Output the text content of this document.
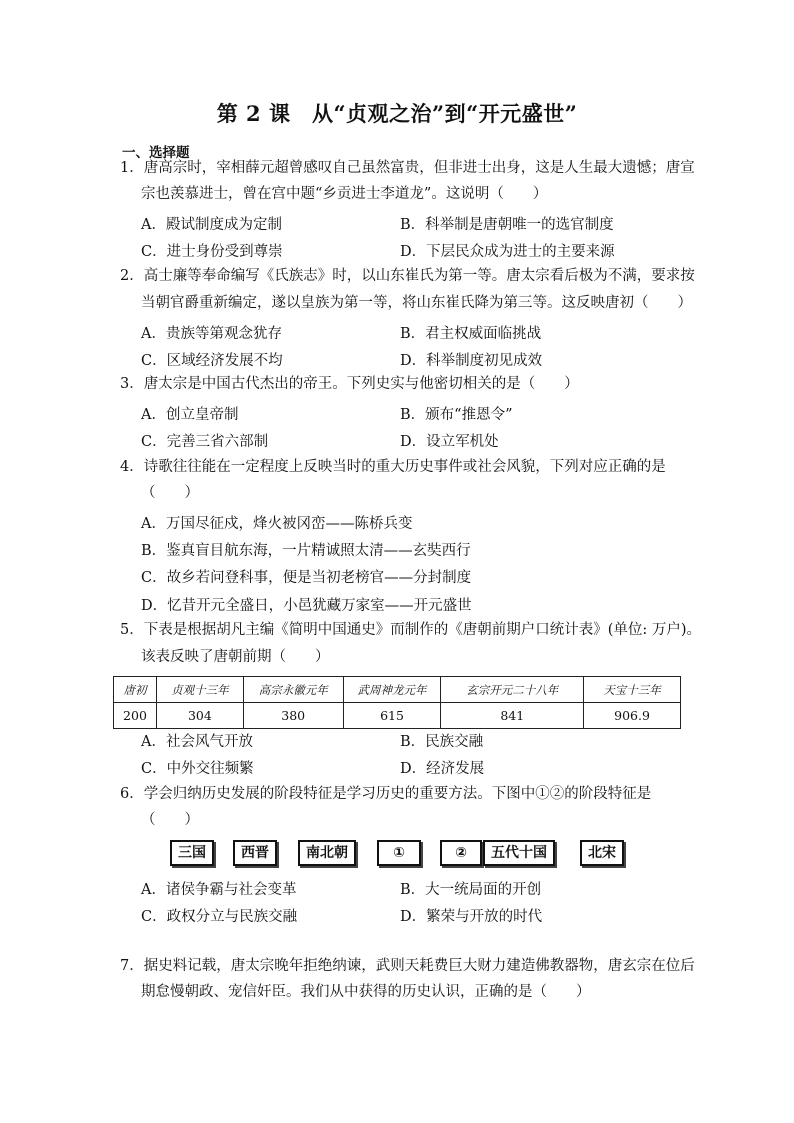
第 2 课　从“贞观之治”到“开元盛世”
一、选择题
1．唐高宗时，宰相薛元超曾感叹自己虽然富贵，但非进士出身，这是人生最大遗憾；唐宣
宗也羡慕进士，曾在宫中题“乡贡进士李道龙”。这说明（　　）
A．殿试制度成为定制	B．科举制是唐朝唯一的选官制度
C．进士身份受到尊崇	D．下层民众成为进士的主要来源
2．高士廉等奉命编写《氏族志》时，以山东崔氏为第一等。唐太宗看后极为不满，要求按
当朝官爵重新编定，遂以皇族为第一等，将山东崔氏降为第三等。这反映唐初（　　）
A．贵族等第观念犹存	B．君主权威面临挑战
C．区域经济发展不均	D．科举制度初见成效
3．唐太宗是中国古代杰出的帝王。下列史实与他密切相关的是（　　）
A．创立皇帝制	B．颁布“推恩令”
C．完善三省六部制	D．设立军机处
4．诗歌往往能在一定程度上反映当时的重大历史事件或社会风貌，下列对应正确的是
（　　）
A．万国尽征戍，烽火被冈峦——陈桥兵变
B．鉴真盲目航东海，一片精诚照太清——玄奘西行
C．故乡若问登科事，便是当初老榜官——分封制度
D．忆昔开元全盛日，小邑犹藏万家室——开元盛世
5．下表是根据胡凡主编《简明中国通史》而制作的《唐朝前期户口统计表》(单位: 万户)。
该表反映了唐朝前期（　　）
唐初	贞观十三年	高宗永徽元年	武周神龙元年	玄宗开元二十八年	天宝十三年
200	304	380	615	841	906.9
A．社会风气开放	B．民族交融
C．中外交往频繁	D．经济发展
6．学会归纳历史发展的阶段特征是学习历史的重要方法。下图中①②的阶段特征是
（　　）
三国	西晋	南北朝	①	②	五代十国	北宋
A．诸侯争霸与社会变革	B．大一统局面的开创
C．政权分立与民族交融	D．繁荣与开放的时代
7．据史料记载，唐太宗晚年拒绝纳谏，武则天耗费巨大财力建造佛教器物，唐玄宗在位后
期怠慢朝政、宠信奸臣。我们从中获得的历史认识，正确的是（　　）
